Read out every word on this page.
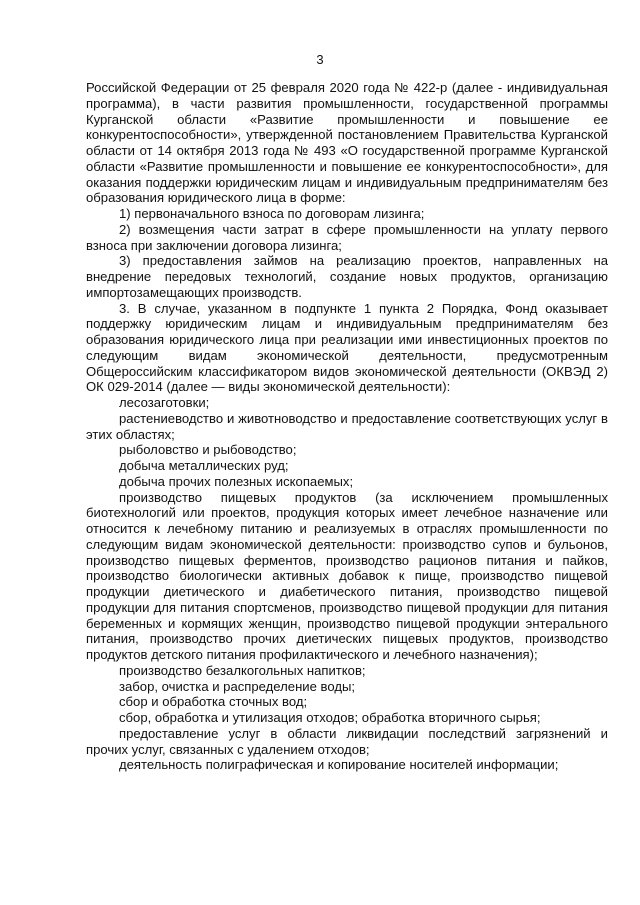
3

Российской Федерации от 25 февраля 2020 года № 422-р (далее - индивидуальная программа), в части развития промышленности, государственной программы Курганской области «Развитие промышленности и повышение ее конкурентоспособности», утвержденной постановлением Правительства Курганской области от 14 октября 2013 года № 493 «О государственной программе Курганской области «Развитие промышленности и повышение ее конкурентоспособности», для оказания поддержки юридическим лицам и индивидуальным предпринимателям без образования юридического лица в форме:

1) первоначального взноса по договорам лизинга;

2) возмещения части затрат в сфере промышленности на уплату первого взноса при заключении договора лизинга;

3) предоставления займов на реализацию проектов, направленных на внедрение передовых технологий, создание новых продуктов, организацию импортозамещающих производств.

3. В случае, указанном в подпункте 1 пункта 2 Порядка, Фонд оказывает поддержку юридическим лицам и индивидуальным предпринимателям без образования юридического лица при реализации ими инвестиционных проектов по следующим видам экономической деятельности, предусмотренным Общероссийским классификатором видов экономической деятельности (ОКВЭД 2) ОК 029-2014 (далее — виды экономической деятельности):

лесозаготовки;

растениеводство и животноводство и предоставление соответствующих услуг в этих областях;

рыболовство и рыбоводство;

добыча металлических руд;

добыча прочих полезных ископаемых;

производство пищевых продуктов (за исключением промышленных биотехнологий или проектов, продукция которых имеет лечебное назначение или относится к лечебному питанию и реализуемых в отраслях промышленности по следующим видам экономической деятельности: производство супов и бульонов, производство пищевых ферментов, производство рационов питания и пайков, производство биологически активных добавок к пище, производство пищевой продукции диетического и диабетического питания, производство пищевой продукции для питания спортсменов, производство пищевой продукции для питания беременных и кормящих женщин, производство пищевой продукции энтерального питания, производство прочих диетических пищевых продуктов, производство продуктов детского питания профилактического и лечебного назначения);

производство безалкогольных напитков;

забор, очистка и распределение воды;

сбор и обработка сточных вод;

сбор, обработка и утилизация отходов; обработка вторичного сырья;

предоставление услуг в области ликвидации последствий загрязнений и прочих услуг, связанных с удалением отходов;

деятельность полиграфическая и копирование носителей информации;
